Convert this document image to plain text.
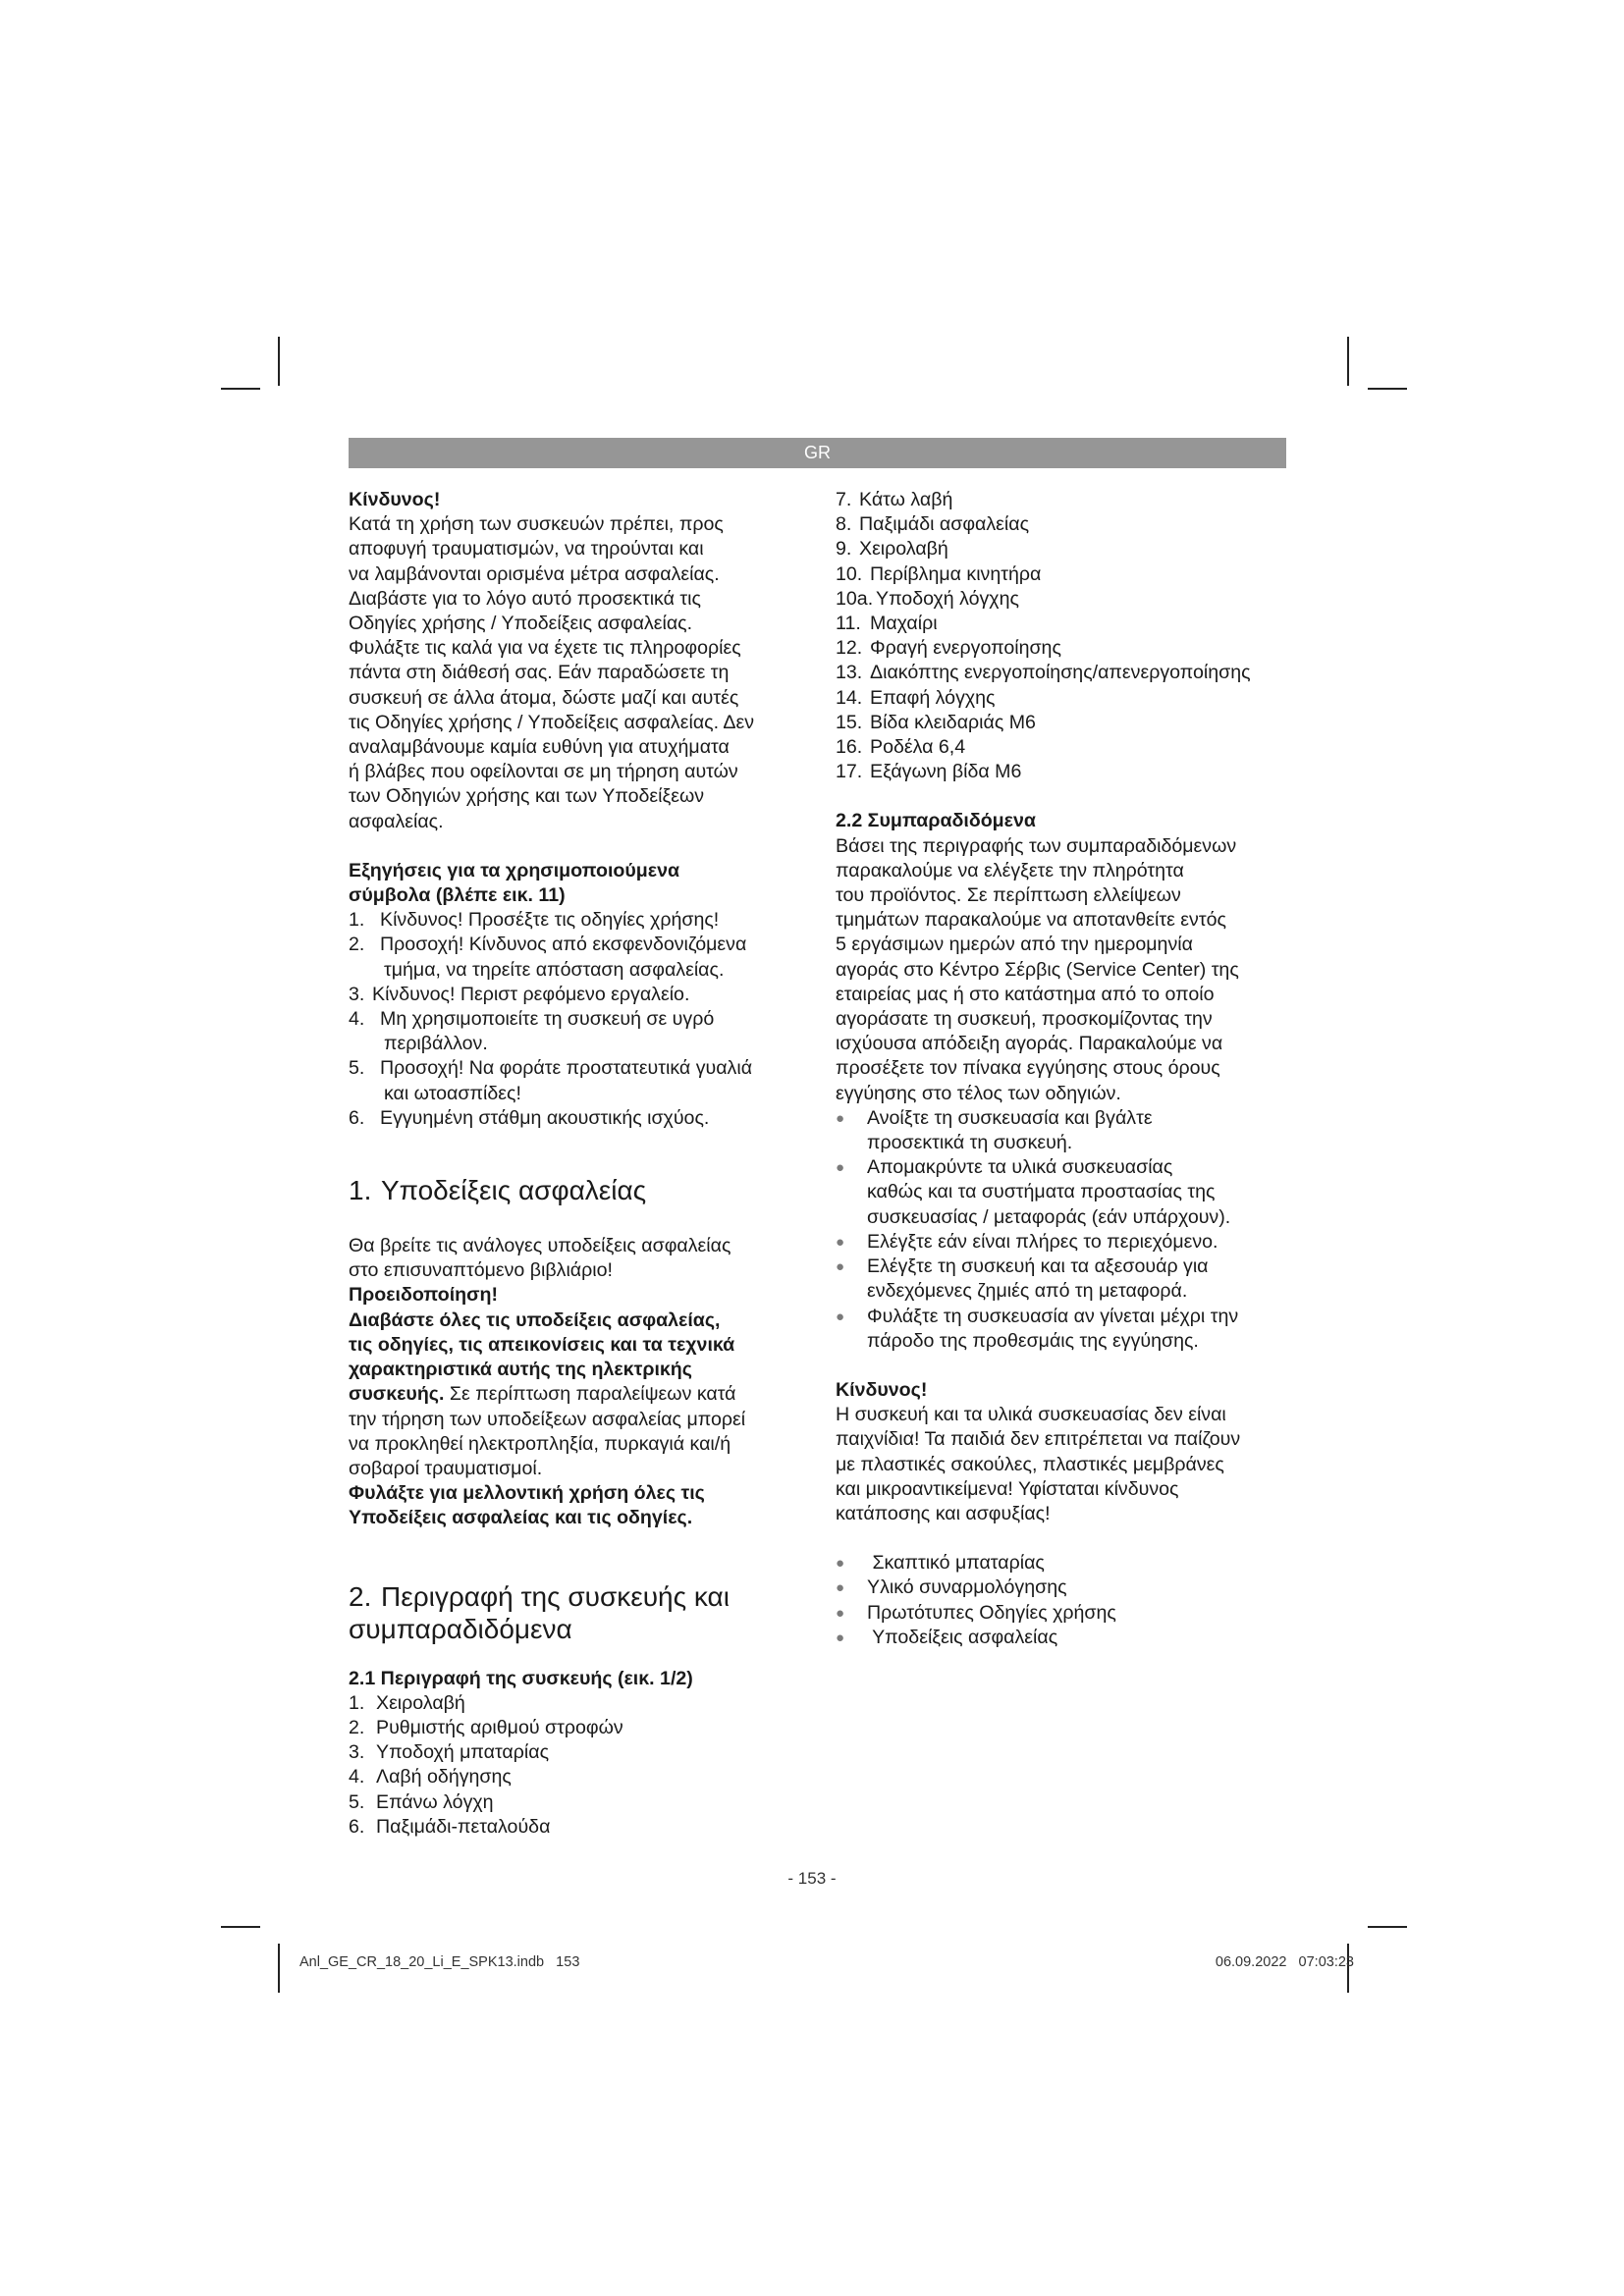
GR

Κίνδυνος!

Κατά τη χρήση των συσκευών πρέπει, προς

αποφυγή τραυματισμών, να τηρούνται και

να λαμβάνονται ορισμένα μέτρα ασφαλείας.

Διαβάστε για το λόγο αυτό προσεκτικά τις

Οδηγίες χρήσης / Υποδείξεις ασφαλείας.

Φυλάξτε τις καλά για να έχετε τις πληροφορίες

πάντα στη διάθεσή σας. Εάν παραδώσετε τη

συσκευή σε άλλα άτομα, δώστε μαζί και αυτές

τις Οδηγίες χρήσης / Υποδείξεις ασφαλείας. Δεν

αναλαμβάνουμε καμία ευθύνη για ατυχήματα

ή βλάβες που οφείλονται σε μη τήρηση αυτών

των Οδηγιών χρήσης και των Υποδείξεων

ασφαλείας.

Εξηγήσεις για τα χρησιμοποιούμενα

σύμβολα (βλέπε εικ. 11)

1. Κίνδυνος! Προσέξτε τις οδηγίες χρήσης!
2. Προσοχή! Κίνδυνος από εκσφενδονιζόμενα
τμήμα, να τηρείτε απόσταση ασφαλείας.
3. Κίνδυνος! Περιστ ρεφόμενο εργαλείο.
4. Μη χρησιμοποιείτε τη συσκευή σε υγρό
περιβάλλον.
5. Προσοχή! Να φοράτε προστατευτικά γυαλιά
και ωτοασπίδες!
6. Εγγυημένη στάθμη ακουστικής ισχύος.

1. Υποδείξεις ασφαλείας

Θα βρείτε τις ανάλογες υποδείξεις ασφαλείας

στο επισυναπτόμενο βιβλιάριο!

Προειδοποίηση!

Διαβάστε όλες τις υποδείξεις ασφαλείας,

τις οδηγίες, τις απεικονίσεις και τα τεχνικά

χαρακτηριστικά αυτής της ηλεκτρικής

συσκευής. Σε περίπτωση παραλείψεων κατά

την τήρηση των υποδείξεων ασφαλείας μπορεί

να προκληθεί ηλεκτροπληξία, πυρκαγιά και/ή

σοβαροί τραυματισμοί.

Φυλάξτε για μελλοντική χρήση όλες τις

Υποδείξεις ασφαλείας και τις οδηγίες.

2. Περιγραφή της συσκευής και

συμπαραδιδόμενα

2.1 Περιγραφή της συσκευής (εικ. 1/2)

1. Χειρολαβή
2. Ρυθμιστής αριθμού στροφών
3. Υποδοχή μπαταρίας
4. Λαβή οδήγησης
5. Επάνω λόγχη
6. Παξιμάδι-πεταλούδα
7. Κάτω λαβή
8. Παξιμάδι ασφαλείας
9. Χειρολαβή
10. Περίβλημα κινητήρα
10a. Υποδοχή λόγχης
11. Μαχαίρι
12. Φραγή ενεργοποίησης
13. Διακόπτης ενεργοποίησης/απενεργοποίησης
14. Επαφή λόγχης
15. Βίδα κλειδαριάς M6
16. Ροδέλα 6,4
17. Εξάγωνη βίδα M6

2.2 Συμπαραδιδόμενα

Βάσει της περιγραφής των συμπαραδιδόμενων

παρακαλούμε να ελέγξετε την πληρότητα

του προϊόντος. Σε περίπτωση ελλείψεων

τμημάτων παρακαλούμε να αποτανθείτε εντός

5 εργάσιμων ημερών από την ημερομηνία

αγοράς στο Κέντρο Σέρβις (Service Center) της

εταιρείας μας ή στο κατάστημα από το οποίο

αγοράσατε τη συσκευή, προσκομίζοντας την

ισχύουσα απόδειξη αγοράς. Παρακαλούμε να

προσέξετε τον πίνακα εγγύησης στους όρους

εγγύησης στο τέλος των οδηγιών.

●	Ανοίξτε τη συσκευασία και βγάλτε
προσεκτικά τη συσκευή.
●	Απομακρύντε τα υλικά συσκευασίας
καθώς και τα συστήματα προστασίας της
συσκευασίας / μεταφοράς (εάν υπάρχουν).
●	Ελέγξτε εάν είναι πλήρες το περιεχόμενο.
●	Ελέγξτε τη συσκευή και τα αξεσουάρ για
ενδεχόμενες ζημιές από τη μεταφορά.
●	Φυλάξτε τη συσκευασία αν γίνεται μέχρι την
πάροδο της προθεσμάις της εγγύησης.

Κίνδυνος!

Η συσκευή και τα υλικά συσκευασίας δεν είναι

παιχνίδια! Τα παιδιά δεν επιτρέπεται να παίζουν

με πλαστικές σακούλες, πλαστικές μεμβράνες

και μικροαντικείμενα! Υφίσταται κίνδυνος

κατάποσης και ασφυξίας!

●	Σκαπτικό μπαταρίας
●	Υλικό συναρμολόγησης
●	Πρωτότυπες Οδηγίες χρήσης
●	Υποδείξεις ασφαλείας
- 153 -
Anl_GE_CR_18_20_Li_E_SPK13.indb   153	06.09.2022   07:03:23
